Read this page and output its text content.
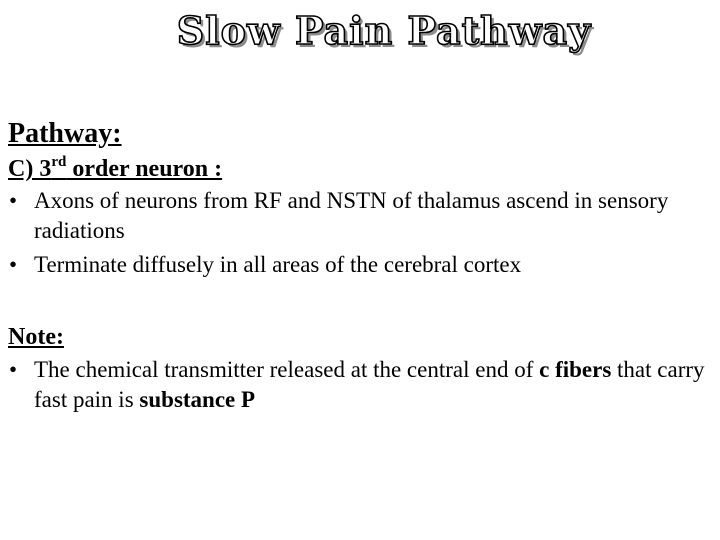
Slow Pain Pathway

Pathway:

C) 3rd order neuron :

• Axons of neurons from RF and NSTN of thalamus ascend in sensory radiations
• Terminate diffusely in all areas of the cerebral cortex

Note:

• The chemical transmitter released at the central end of c fibers that carry fast pain is substance P
